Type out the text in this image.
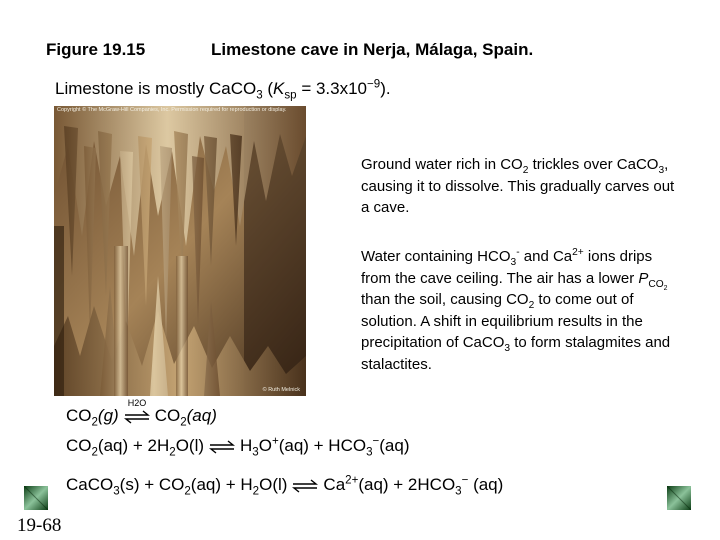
Figure 19.15	Limestone cave in Nerja, Málaga, Spain.
Limestone is mostly CaCO$_3$ $(K_{sp} = 3.3x10^{-9})$.
Copyright © The McGraw-Hill Companies, Inc. Permission required for reproduction or display.
© Ruth Melnick
Ground water rich in $CO_2$ trickles over CaCO$_3$, causing it to dissolve. This gradually carves out a cave.
Water containing $HCO_3^-$ and $Ca^{2+}$ ions drips from the cave ceiling. The air has a lower $P_{CO_2}$ than the soil, causing $CO_2$ to come out of solution. A shift in equilibrium results in the precipitation of CaCO$_3$ to form stalagmites and stalactites.
$CO_2(g)$
H2O
$CO_2(aq)$
$CO_2(aq) + 2H_2O(l)$ ⇌ $H_3O^+(aq) + HCO_3^-(aq)$
CaCO$_3$(s) + $CO_2(aq) + H_2O(l)$ ⇌ $Ca^{2+}(aq) + 2HCO_3^-$ (aq)
19-68
